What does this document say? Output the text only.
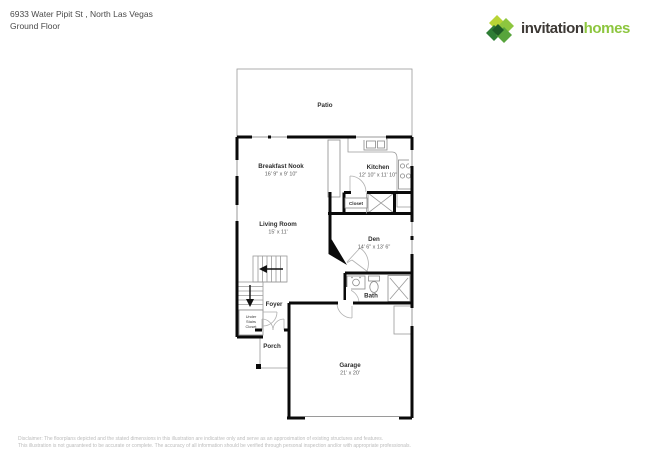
6933 Water Pipit St , North Las Vegas
Ground Floor	invitationhomes
Patio
Breakfast Nook
16' 9" x 9' 10"
Kitchen
12' 10" x 11' 10"
Living Room
15' x 11'
Closet
Den
14' 6" x 13' 6"
Foyer
Under
Stairs
Closet
Bath
Porch
Garage
21' x 20'
Disclaimer: The floorplans depicted and the stated dimensions in this illustration are indicative only and serve as an approximation of existing structures and features.
This illustration is not guaranteed to be accurate or complete. The accuracy of all information should be verified through personal inspection and/or with appropriate professionals.
